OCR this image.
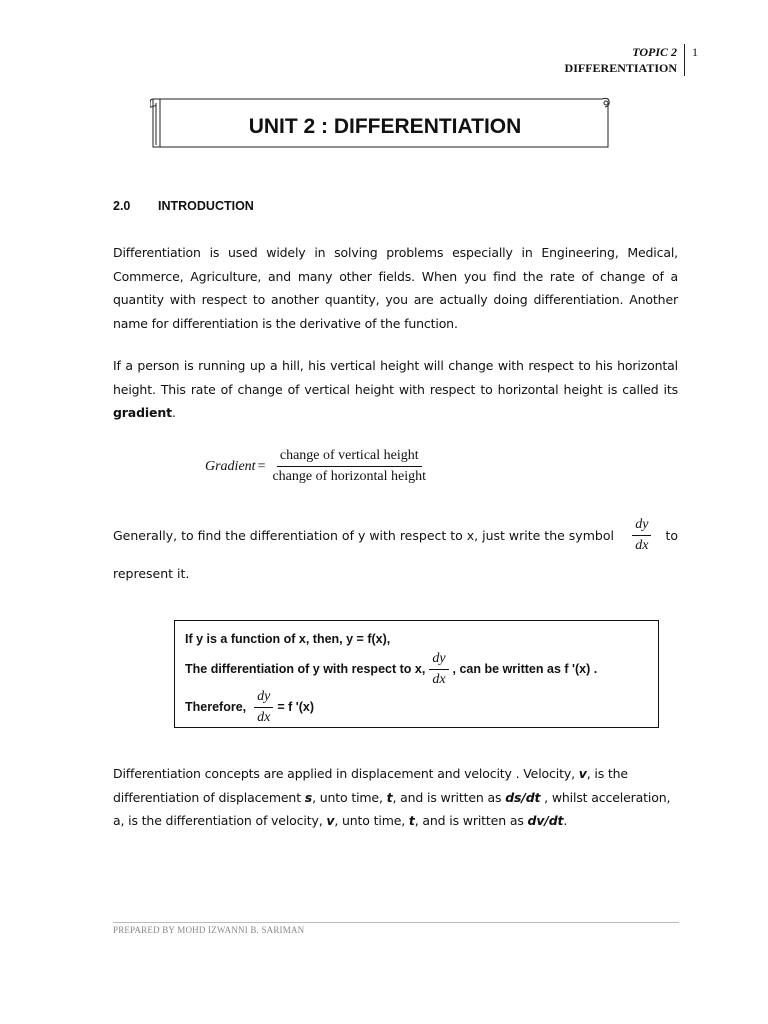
TOPIC 2
DIFFERENTIATION
1
UNIT 2 : DIFFERENTIATION
2.0 INTRODUCTION
Differentiation is used widely in solving problems especially in Engineering, Medical, Commerce, Agriculture, and many other fields. When you find the rate of change of a quantity with respect to another quantity, you are actually doing differentiation. Another name for differentiation is the derivative of the function.
If a person is running up a hill, his vertical height will change with respect to his horizontal height. This rate of change of vertical height with respect to horizontal height is called its gradient.
Gradient = $\frac{\text{change of vertical height}}{\text{change of horizontal height}}$
Generally, to find the differentiation of y with respect to x, just write the symbol $\frac{dy}{dx}$ to
represent it.
If y is a function of x, then, y = f(x),
The differentiation of y with respect to x, $\frac{dy}{dx}$ , can be written as f '(x) .
Therefore, $\frac{dy}{dx} = f$ '(x)
Differentiation concepts are applied in displacement and velocity . Velocity, v, is the differentiation of displacement s, unto time, t, and is written as ds/dt , whilst acceleration, a, is the differentiation of velocity, v, unto time, t, and is written as dv/dt.
PREPARED BY MOHD IZWANNI B. SARIMAN
